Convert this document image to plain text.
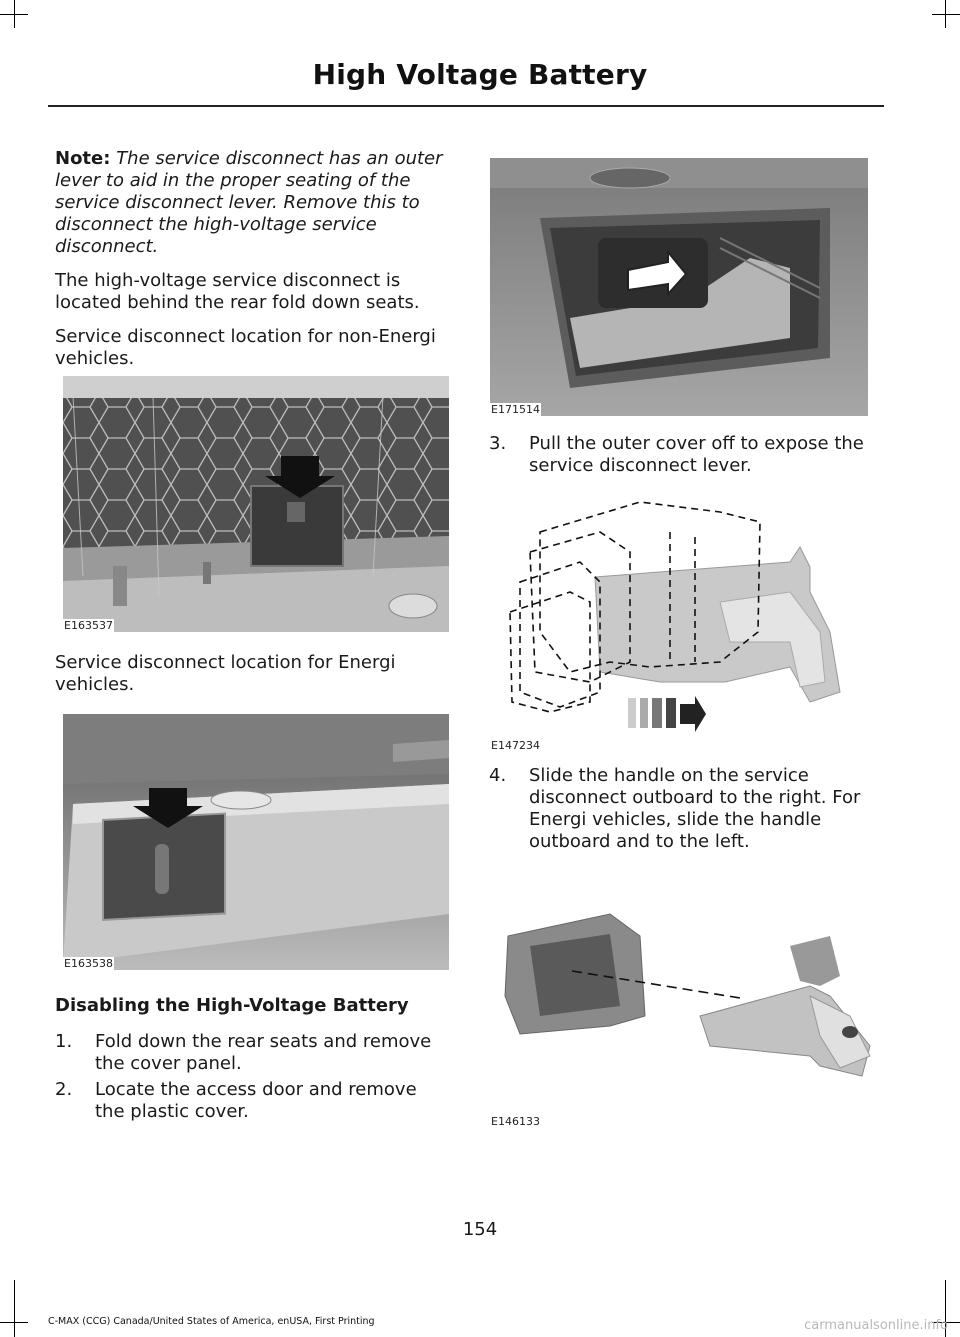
High Voltage Battery

Note: The service disconnect has an outer lever to aid in the proper seating of the service disconnect lever. Remove this to disconnect the high-voltage service disconnect.

The high-voltage service disconnect is located behind the rear fold down seats.

Service disconnect location for non-Energi vehicles.

E163537

Service disconnect location for Energi vehicles.

E163538
Disabling the High-Voltage Battery
1. Fold down the rear seats and remove the cover panel.
2. Locate the access door and remove the plastic cover.
E171514
3. Pull the outer cover off to expose the service disconnect lever.
E147234
4. Slide the handle on the service disconnect outboard to the right. For Energi vehicles, slide the handle outboard and to the left.
E146133
154
C-MAX (CCG) Canada/United States of America, enUSA, First Printing	carmanualsonline.info
